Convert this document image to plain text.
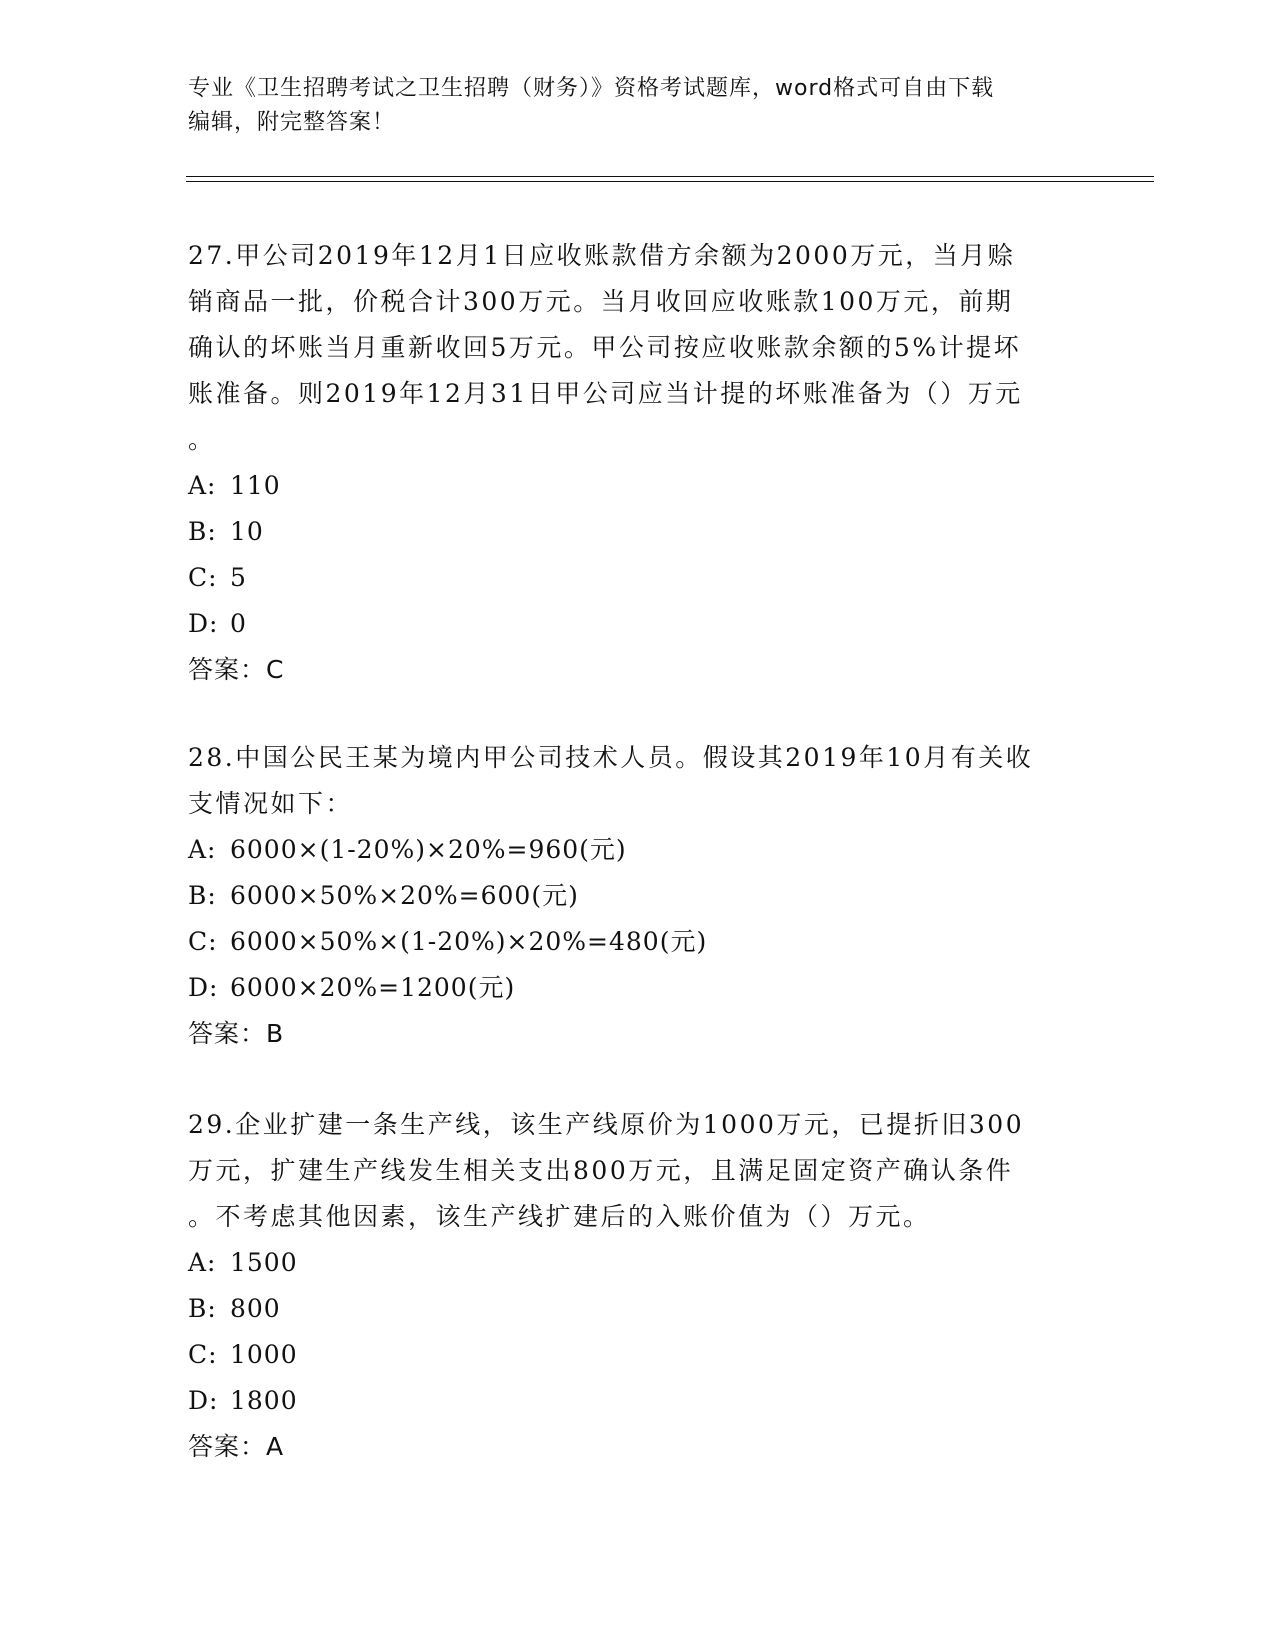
专业《卫生招聘考试之卫生招聘（财务）》资格考试题库，word格式可自由下载
编辑，附完整答案！
27.甲公司2019年12月1日应收账款借方余额为2000万元，当月赊
销商品一批，价税合计300万元。当月收回应收账款100万元，前期
确认的坏账当月重新收回5万元。甲公司按应收账款余额的5%计提坏
账准备。则2019年12月31日甲公司应当计提的坏账准备为（）万元
。
A: 110
B: 10
C: 5
D: 0
答案：C
28.中国公民王某为境内甲公司技术人员。假设其2019年10月有关收
支情况如下：
A: 6000×(1-20%)×20%=960(元)
B: 6000×50%×20%=600(元)
C: 6000×50%×(1-20%)×20%=480(元)
D: 6000×20%=1200(元)
答案：B
29.企业扩建一条生产线，该生产线原价为1000万元，已提折旧300
万元，扩建生产线发生相关支出800万元，且满足固定资产确认条件
。不考虑其他因素，该生产线扩建后的入账价值为（）万元。
A: 1500
B: 800
C: 1000
D: 1800
答案：A
